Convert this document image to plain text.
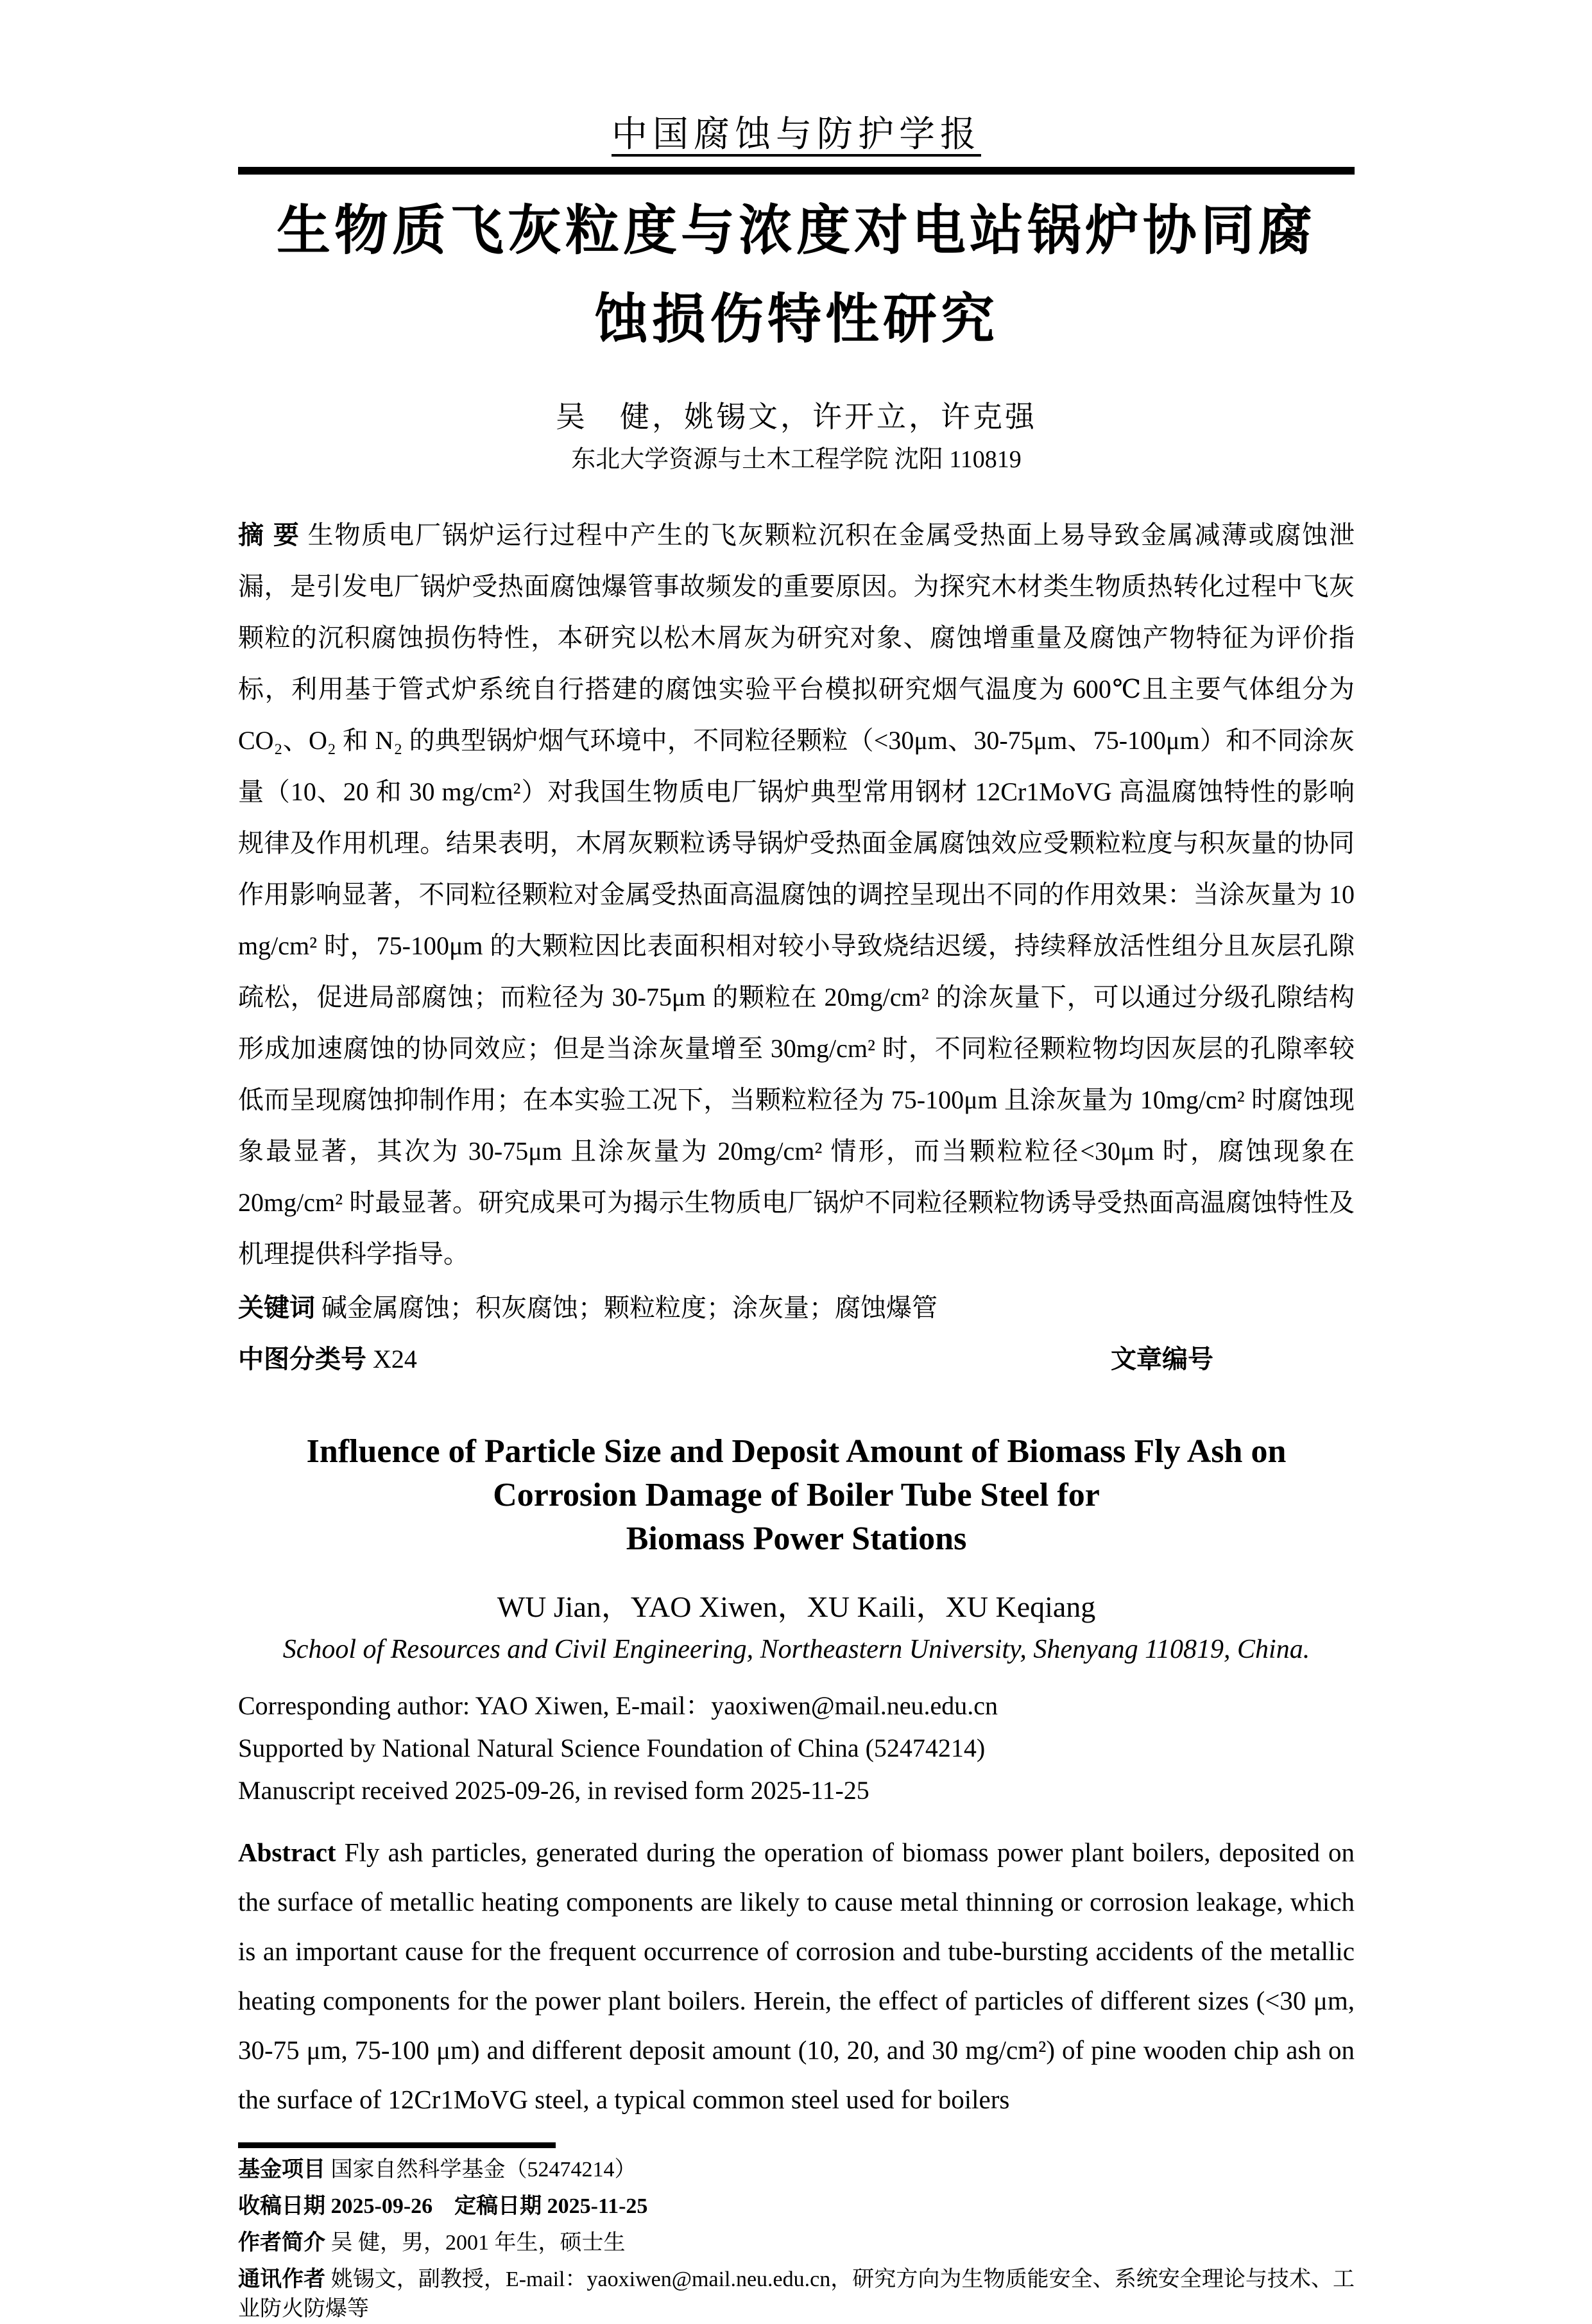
中国腐蚀与防护学报
生物质飞灰粒度与浓度对电站锅炉协同腐
蚀损伤特性研究
吴　健，姚锡文，许开立，许克强
东北大学资源与土木工程学院 沈阳 110819

摘 要 生物质电厂锅炉运行过程中产生的飞灰颗粒沉积在金属受热面上易导致金属减薄或腐蚀泄漏，是引发电厂锅炉受热面腐蚀爆管事故频发的重要原因。为探究木材类生物质热转化过程中飞灰颗粒的沉积腐蚀损伤特性，本研究以松木屑灰为研究对象、腐蚀增重量及腐蚀产物特征为评价指标，利用基于管式炉系统自行搭建的腐蚀实验平台模拟研究烟气温度为 600℃且主要气体组分为 CO₂、O₂ 和 N₂ 的典型锅炉烟气环境中，不同粒径颗粒（<30μm、30-75μm、75-100μm）和不同涂灰量（10、20 和 30 mg/cm²）对我国生物质电厂锅炉典型常用钢材 12Cr1MoVG 高温腐蚀特性的影响规律及作用机理。结果表明，木屑灰颗粒诱导锅炉受热面金属腐蚀效应受颗粒粒度与积灰量的协同作用影响显著，不同粒径颗粒对金属受热面高温腐蚀的调控呈现出不同的作用效果：当涂灰量为 10 mg/cm² 时，75-100μm 的大颗粒因比表面积相对较小导致烧结迟缓，持续释放活性组分且灰层孔隙疏松，促进局部腐蚀；而粒径为 30-75μm 的颗粒在 20mg/cm² 的涂灰量下，可以通过分级孔隙结构形成加速腐蚀的协同效应；但是当涂灰量增至 30mg/cm² 时，不同粒径颗粒物均因灰层的孔隙率较低而呈现腐蚀抑制作用；在本实验工况下，当颗粒粒径为 75-100μm 且涂灰量为 10mg/cm² 时腐蚀现象最显著，其次为 30-75μm 且涂灰量为 20mg/cm² 情形，而当颗粒粒径<30μm 时，腐蚀现象在 20mg/cm² 时最显著。研究成果可为揭示生物质电厂锅炉不同粒径颗粒物诱导受热面高温腐蚀特性及机理提供科学指导。

关键词 碱金属腐蚀；积灰腐蚀；颗粒粒度；涂灰量；腐蚀爆管

中图分类号 X24	文章编号
Influence of Particle Size and Deposit Amount of Biomass Fly Ash on
Corrosion Damage of Boiler Tube Steel for
Biomass Power Stations
WU Jian，YAO Xiwen，XU Kaili，XU Keqiang
School of Resources and Civil Engineering, Northeastern University, Shenyang 110819, China.
Corresponding author: YAO Xiwen, E-mail：yaoxiwen@mail.neu.edu.cn
Supported by National Natural Science Foundation of China (52474214)
Manuscript received 2025-09-26, in revised form 2025-11-25

Abstract Fly ash particles, generated during the operation of biomass power plant boilers, deposited on the surface of metallic heating components are likely to cause metal thinning or corrosion leakage, which is an important cause for the frequent occurrence of corrosion and tube-bursting accidents of the metallic heating components for the power plant boilers. Herein, the effect of particles of different sizes (<30 μm, 30-75 μm, 75-100 μm) and different deposit amount (10, 20, and 30 mg/cm²) of pine wooden chip ash on the surface of 12Cr1MoVG steel, a typical common steel used for boilers

基金项目 国家自然科学基金（52474214）
收稿日期 2025-09-26 定稿日期 2025-11-25
作者简介 吴 健，男，2001 年生，硕士生
通讯作者 姚锡文，副教授，E-mail：yaoxiwen@mail.neu.edu.cn，研究方向为生物质能安全、系统安全理论与技术、工业防火防爆等
